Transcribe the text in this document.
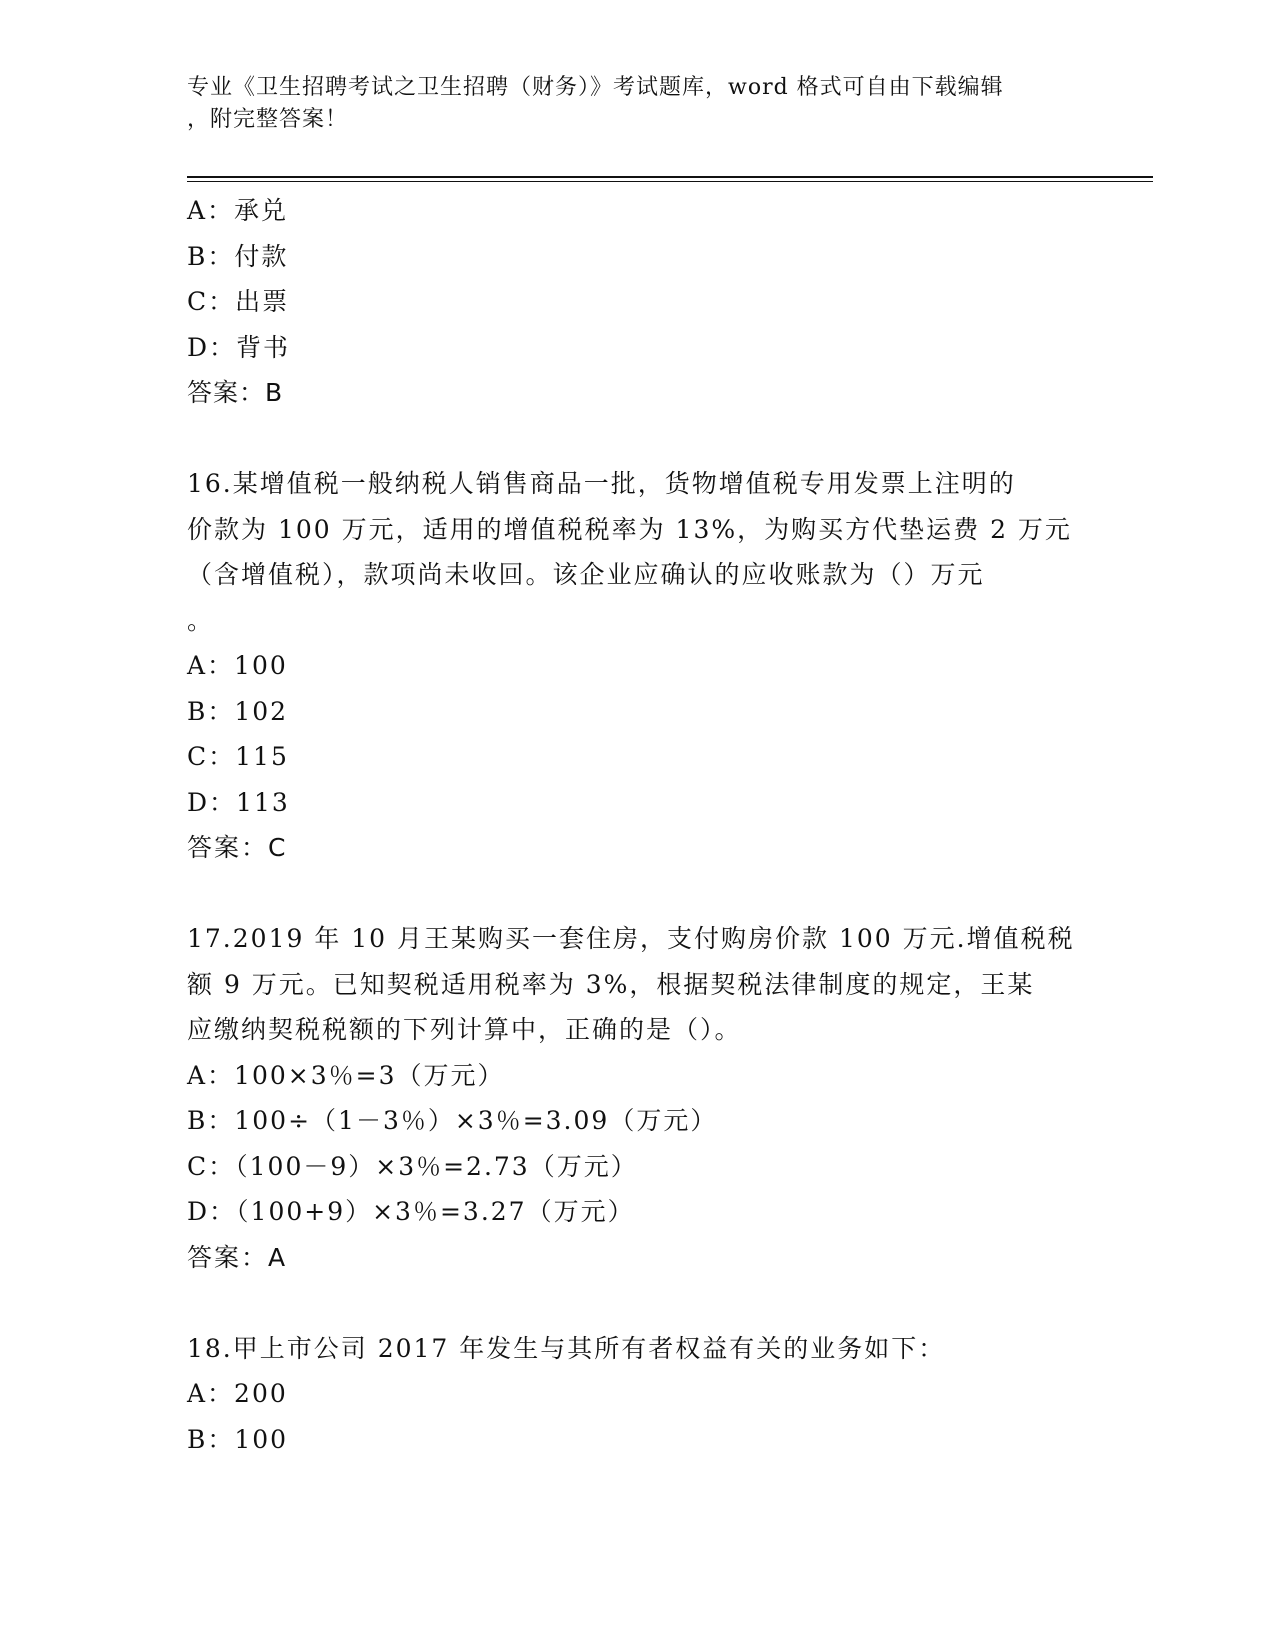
专业《卫生招聘考试之卫生招聘（财务）》考试题库，word 格式可自由下载编辑
，附完整答案！
A：承兑
B：付款
C：出票
D：背书
答案：B
16.某增值税一般纳税人销售商品一批，货物增值税专用发票上注明的
价款为 100 万元，适用的增值税税率为 13%，为购买方代垫运费 2 万元
（含增值税），款项尚未收回。该企业应确认的应收账款为（）万元
。
A：100
B：102
C：115
D：113
答案：C
17.2019 年 10 月王某购买一套住房，支付购房价款 100 万元.增值税税
额 9 万元。已知契税适用税率为 3%，根据契税法律制度的规定，王某
应缴纳契税税额的下列计算中，正确的是（）。
A：100×3％=3（万元）
B：100÷（1－3％）×3％=3.09（万元）
C：（100－9）×3％=2.73（万元）
D：（100+9）×3％=3.27（万元）
答案：A
18.甲上市公司 2017 年发生与其所有者权益有关的业务如下：
A：200
B：100
